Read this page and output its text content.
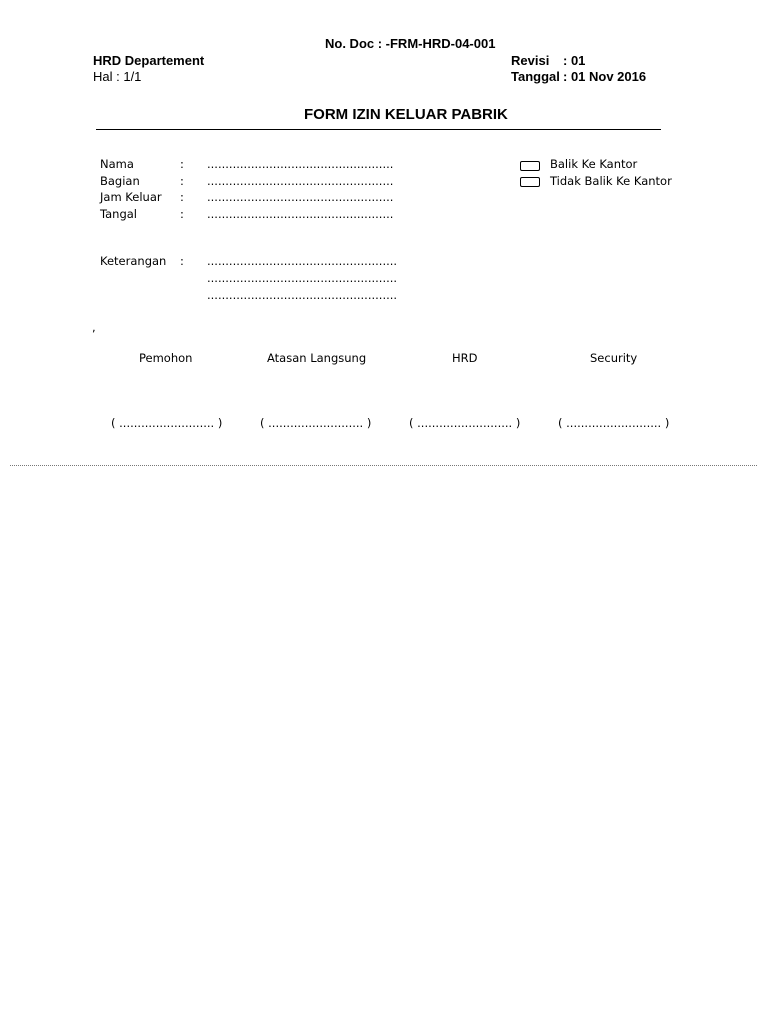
No. Doc : -FRM-HRD-04-001
HRD Departement
Hal : 1/1
Revisi : 01
Tanggal : 01 Nov 2016
FORM IZIN KELUAR PABRIK
Nama	: ...................................................
Bagian	: ...................................................
Jam Keluar : ...................................................
Tangal	: ...................................................
Balik Ke Kantor
Tidak Balik Ke Kantor
Keterangan : ....................................................
....................................................
....................................................
,
Pemohon	Atasan Langsung	HRD	Security
( .......................... )	( .......................... )	( .......................... )	( .......................... )
